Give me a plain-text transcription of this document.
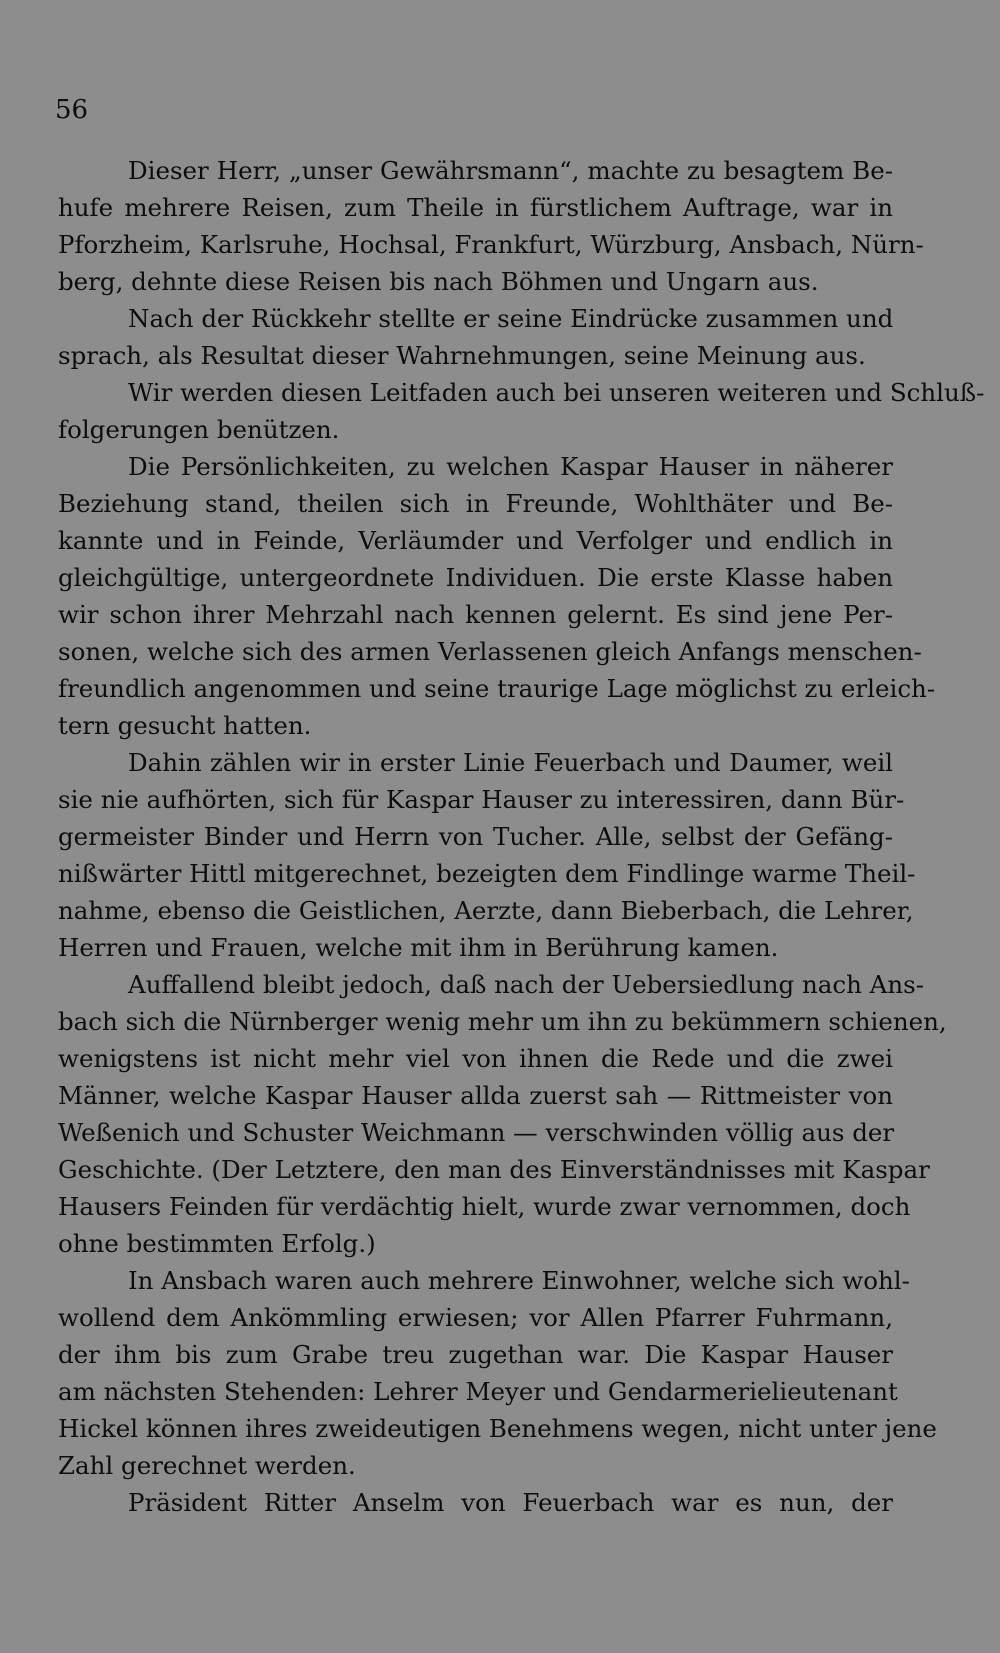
56
Dieser Herr, „unser Gewährsmann“, machte zu besagtem Be-
hufe mehrere Reisen, zum Theile in fürstlichem Auftrage, war in
Pforzheim, Karlsruhe, Hochsal, Frankfurt, Würzburg, Ansbach, Nürn-
berg, dehnte diese Reisen bis nach Böhmen und Ungarn aus.
Nach der Rückkehr stellte er seine Eindrücke zusammen und
sprach, als Resultat dieser Wahrnehmungen, seine Meinung aus.
Wir werden diesen Leitfaden auch bei unseren weiteren und Schluß-
folgerungen benützen.
Die Persönlichkeiten, zu welchen Kaspar Hauser in näherer
Beziehung stand, theilen sich in Freunde, Wohlthäter und Be-
kannte und in Feinde, Verläumder und Verfolger und endlich in
gleichgültige, untergeordnete Individuen. Die erste Klasse haben
wir schon ihrer Mehrzahl nach kennen gelernt. Es sind jene Per-
sonen, welche sich des armen Verlassenen gleich Anfangs menschen-
freundlich angenommen und seine traurige Lage möglichst zu erleich-
tern gesucht hatten.
Dahin zählen wir in erster Linie Feuerbach und Daumer, weil
sie nie aufhörten, sich für Kaspar Hauser zu interessiren, dann Bür-
germeister Binder und Herrn von Tucher. Alle, selbst der Gefäng-
nißwärter Hittl mitgerechnet, bezeigten dem Findlinge warme Theil-
nahme, ebenso die Geistlichen, Aerzte, dann Bieberbach, die Lehrer,
Herren und Frauen, welche mit ihm in Berührung kamen.
Auffallend bleibt jedoch, daß nach der Uebersiedlung nach Ans-
bach sich die Nürnberger wenig mehr um ihn zu bekümmern schienen,
wenigstens ist nicht mehr viel von ihnen die Rede und die zwei
Männer, welche Kaspar Hauser allda zuerst sah — Rittmeister von
Weßenich und Schuster Weichmann — verschwinden völlig aus der
Geschichte. (Der Letztere, den man des Einverständnisses mit Kaspar
Hausers Feinden für verdächtig hielt, wurde zwar vernommen, doch
ohne bestimmten Erfolg.)
In Ansbach waren auch mehrere Einwohner, welche sich wohl-
wollend dem Ankömmling erwiesen; vor Allen Pfarrer Fuhrmann,
der ihm bis zum Grabe treu zugethan war. Die Kaspar Hauser
am nächsten Stehenden: Lehrer Meyer und Gendarmerielieutenant
Hickel können ihres zweideutigen Benehmens wegen, nicht unter jene
Zahl gerechnet werden.
Präsident Ritter Anselm von Feuerbach war es nun, der
